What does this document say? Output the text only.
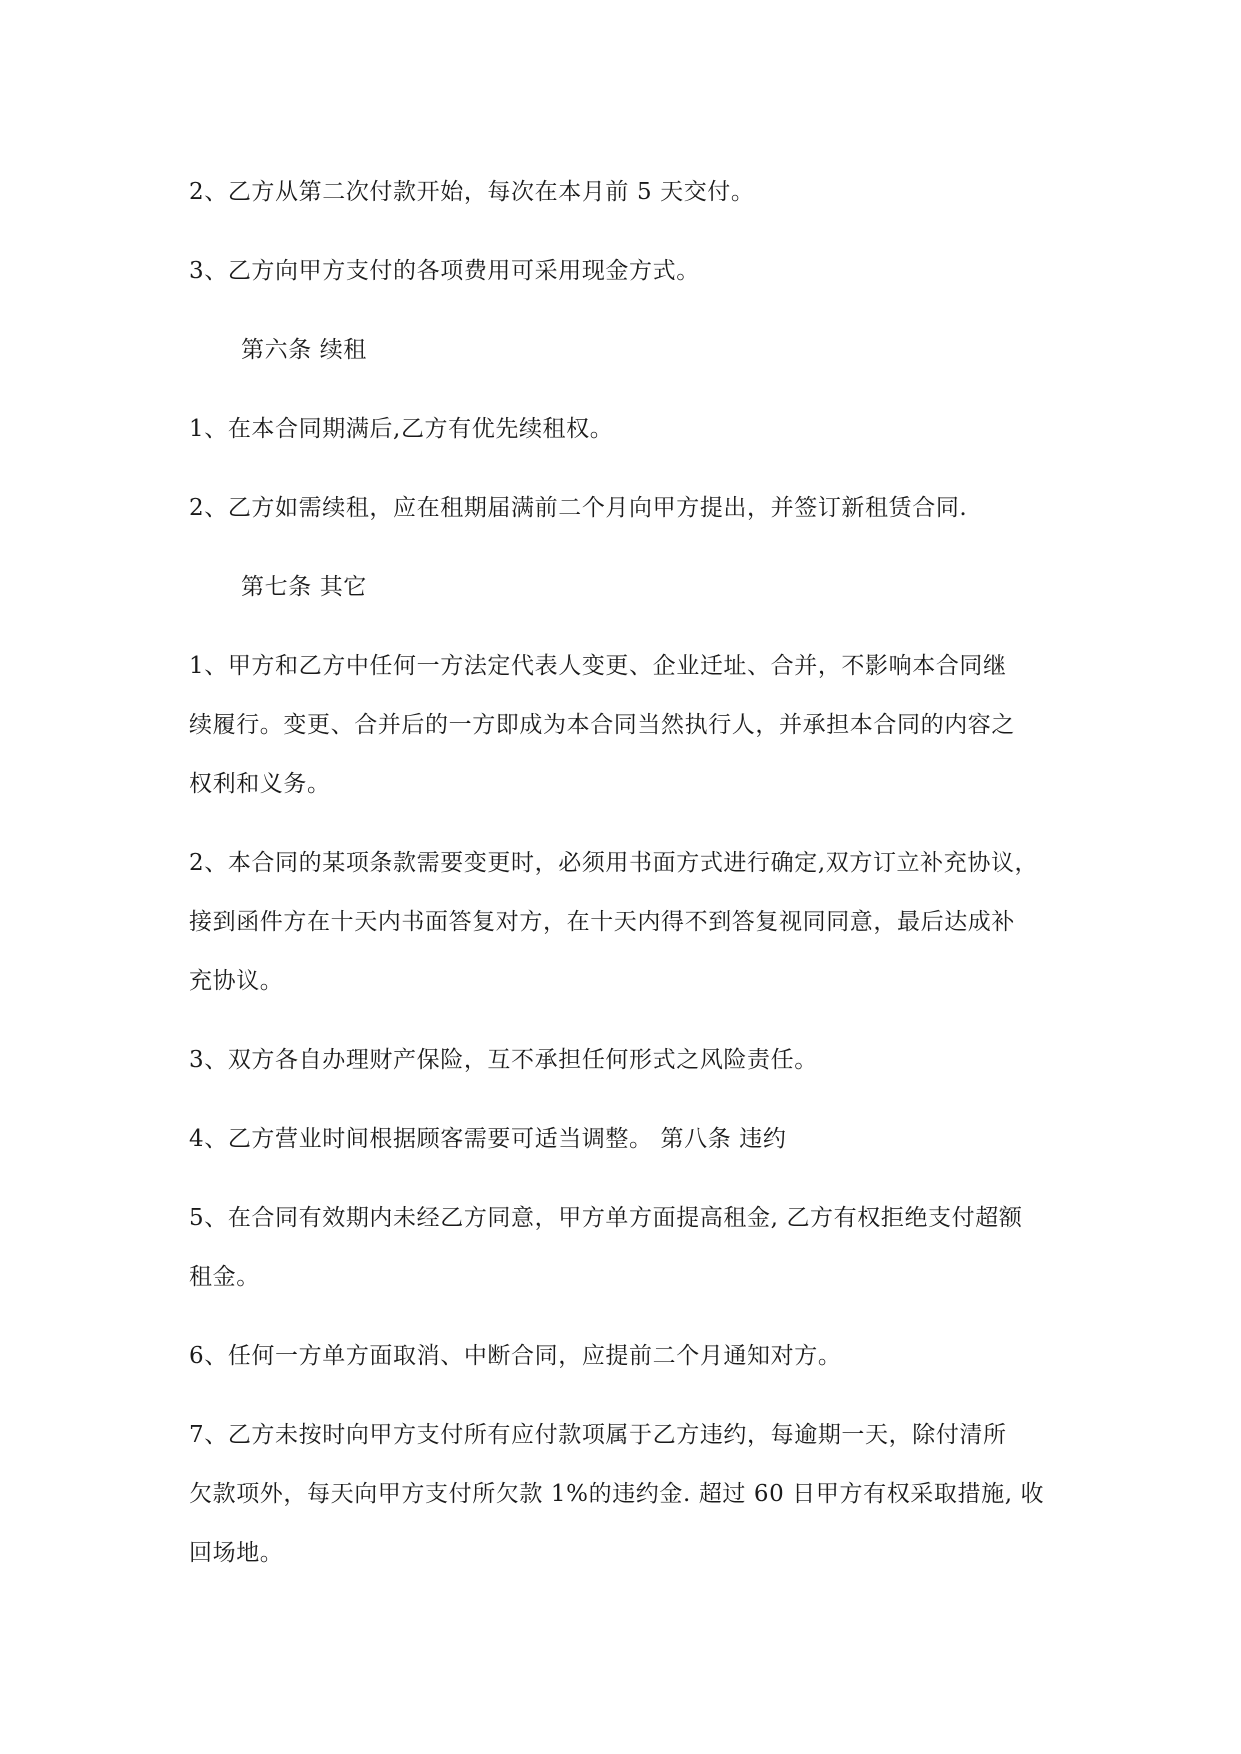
2、乙方从第二次付款开始，每次在本月前 5 天交付。
3、乙方向甲方支付的各项费用可采用现金方式。
第六条 续租
1、在本合同期满后,乙方有优先续租权。
2、乙方如需续租，应在租期届满前二个月向甲方提出，并签订新租赁合同.
第七条 其它
1、甲方和乙方中任何一方法定代表人变更、企业迁址、合并，不影响本合同继
续履行。变更、合并后的一方即成为本合同当然执行人，并承担本合同的内容之
权利和义务。
2、本合同的某项条款需要变更时，必须用书面方式进行确定,双方订立补充协议，
接到函件方在十天内书面答复对方，在十天内得不到答复视同同意，最后达成补
充协议。
3、双方各自办理财产保险，互不承担任何形式之风险责任。
4、乙方营业时间根据顾客需要可适当调整。 第八条 违约
5、在合同有效期内未经乙方同意，甲方单方面提高租金, 乙方有权拒绝支付超额
租金。
6、任何一方单方面取消、中断合同，应提前二个月通知对方。
7、乙方未按时向甲方支付所有应付款项属于乙方违约，每逾期一天，除付清所
欠款项外，每天向甲方支付所欠款 1%的违约金. 超过 60 日甲方有权采取措施, 收
回场地。
